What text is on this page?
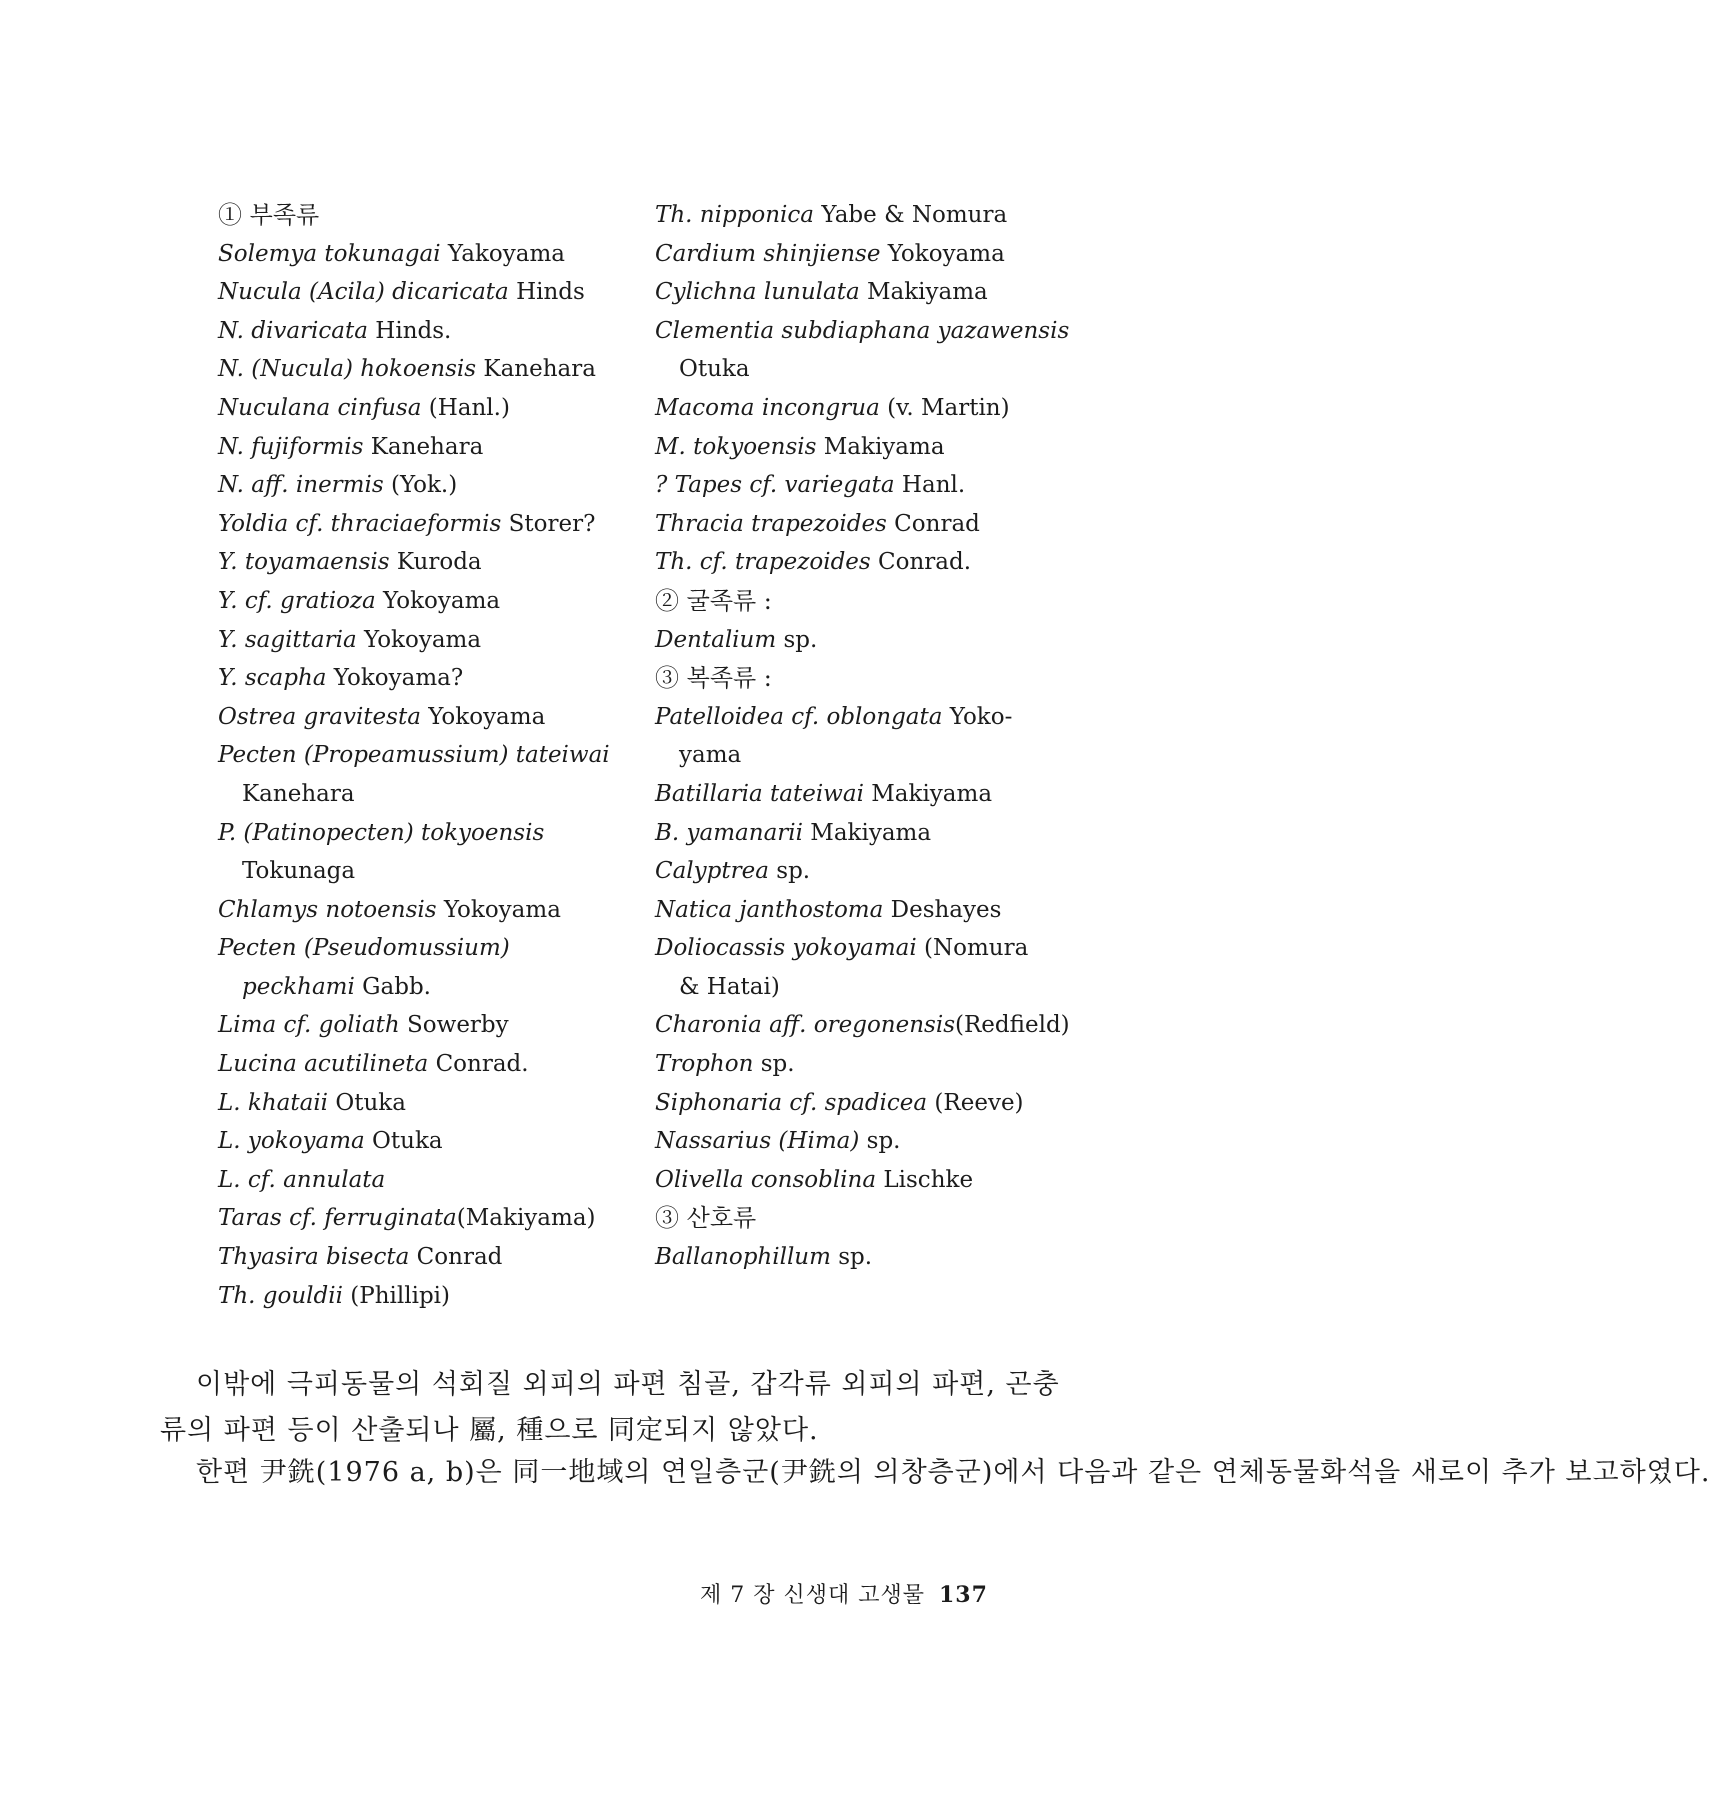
① 부족류
Solemya tokunagai Yakoyama
Nucula (Acila) dicaricata Hinds
N. divaricata Hinds.
N. (Nucula) hokoensis Kanehara
Nuculana cinfusa (Hanl.)
N. fujiformis Kanehara
N. aff. inermis (Yok.)
Yoldia cf. thraciaeformis Storer?
Y. toyamaensis Kuroda
Y. cf. gratioza Yokoyama
Y. sagittaria Yokoyama
Y. scapha Yokoyama?
Ostrea gravitesta Yokoyama
Pecten (Propeamussium) tateiwai
Kanehara
P. (Patinopecten) tokyoensis
Tokunaga
Chlamys notoensis Yokoyama
Pecten (Pseudomussium)
peckhami Gabb.
Lima cf. goliath Sowerby
Lucina acutilineta Conrad.
L. khataii Otuka
L. yokoyama Otuka
L. cf. annulata
Taras cf. ferruginata(Makiyama)
Thyasira bisecta Conrad
Th. gouldii (Phillipi)
Th. nipponica Yabe & Nomura
Cardium shinjiense Yokoyama
Cylichna lunulata Makiyama
Clementia subdiaphana yazawensis
Otuka
Macoma incongrua (v. Martin)
M. tokyoensis Makiyama
? Tapes cf. variegata Hanl.
Thracia trapezoides Conrad
Th. cf. trapezoides Conrad.
② 굴족류 :
Dentalium sp.
③ 복족류 :
Patelloidea cf. oblongata Yoko-
yama
Batillaria tateiwai Makiyama
B. yamanarii Makiyama
Calyptrea sp.
Natica janthostoma Deshayes
Doliocassis yokoyamai (Nomura
& Hatai)
Charonia aff. oregonensis(Redfield)
Trophon sp.
Siphonaria cf. spadicea (Reeve)
Nassarius (Hima) sp.
Olivella consoblina Lischke
③ 산호류
Ballanophillum sp.
이밖에 극피동물의 석회질 외피의 파편 침골, 갑각류 외피의 파편, 곤충류의 파편 등이 산출되나 屬, 種으로 同定되지 않았다.
한편 尹銑(1976 a, b)은 同一地域의 연일층군(尹銑의 의창층군)에서 다음과 같은 연체동물화석을 새로이 추가 보고하였다.
제 7 장 신생대 고생물 137
